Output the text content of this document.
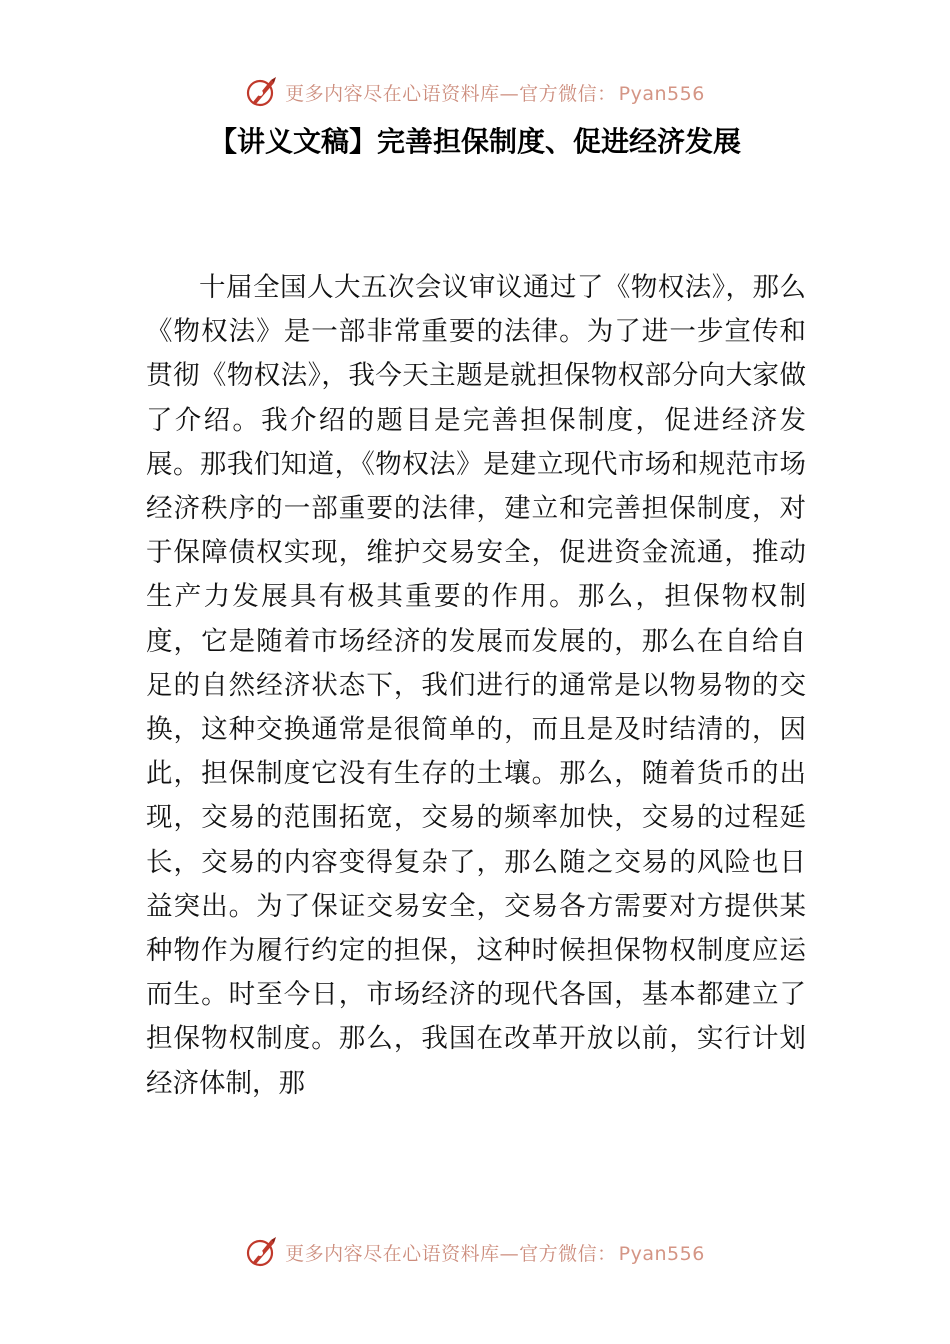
更多内容尽在心语资料库—官方微信： Pyan556
【讲义文稿】完善担保制度、促进经济发展

十届全国人大五次会议审议通过了《物权法》，那么《物权法》是一部非常重要的法律。为了进一步宣传和贯彻《物权法》，我今天主题是就担保物权部分向大家做了介绍。我介绍的题目是完善担保制度，促进经济发展。那我们知道，《物权法》是建立现代市场和规范市场经济秩序的一部重要的法律，建立和完善担保制度，对于保障债权实现，维护交易安全，促进资金流通，推动生产力发展具有极其重要的作用。那么，担保物权制度，它是随着市场经济的发展而发展的，那么在自给自足的自然经济状态下，我们进行的通常是以物易物的交换，这种交换通常是很简单的，而且是及时结清的，因此，担保制度它没有生存的土壤。那么，随着货币的出现，交易的范围拓宽，交易的频率加快，交易的过程延长，交易的内容变得复杂了，那么随之交易的风险也日益突出。为了保证交易安全，交易各方需要对方提供某种物作为履行约定的担保，这种时候担保物权制度应运而生。时至今日，市场经济的现代各国，基本都建立了担保物权制度。那么，我国在改革开放以前，实行计划经济体制，那

更多内容尽在心语资料库—官方微信： Pyan556
